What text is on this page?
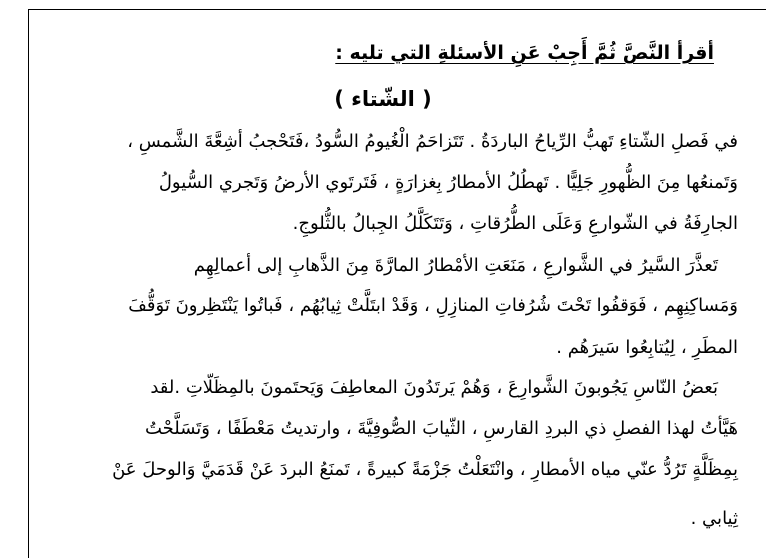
أقرأ النَّصَّ ثُمَّ أَجِبْ عَنِ الأسئلةِ التي تليه :
( الشّتاء )
في فَصلِ الشّتاءِ تَهبُّ الرِّياحُ الباردَةُ . تَتَزاحَمُ الْغُيومُ السُّودُ ،فَتَحْجبُ أشِعَّةَ الشَّمسِ ،
وَتَمنعُها مِنَ الظُّهورِ جَلِيًّا . تَهطُلُ الأمطارُ بِغزارَةٍ ، فَتَرتَوي الأرضُ وَتَجري السُّيولُ
الجارِفَةُ في الشّوارعِ وَعَلَى الطُّرُقاتِ ، وَتَتَكَلَّلُ الجِبالُ بالثُّلوجِ.
تَعذَّرَ السَّيرُ في الشَّوارعِ ، مَنَعَتِ الأمْطارُ المارَّةَ مِنَ الذَّهابِ إلى أعمالِهِم
وَمَساكِنِهِم ، فَوَقفُوا تَحْتَ شُرُفاتِ المنازِلِ ، وَقَدْ ابتَلَّتْ ثِيابُهُم ، فَباتُوا يَنْتَظِرونَ تَوَقُّفَ
المطَرِ ، لِيُتابِعُوا سَيرَهُم .
بَعضُ النّاسِ يَجُوبونَ الشَّوارِعَ ، وَهُمْ يَرتَدُونَ المعاطِفَ وَيَحتَمونَ بالمِظَلّاتِ .لقد
هَيَّأتُ لهذا الفصلِ ذي البردِ القارسِ ، الثّيابَ الصُّوفِيَّةَ ، وارتديتُ مَعْطَفًا ، وَتَسَلَّحْتُ
بِمِظَلَّةٍ تَرُدُّ عنّي مياه الأمطارِ ، وانْتَعَلْتُ جَزْمَةً كبيرةً ، تَمنَعُ البردَ عَنْ قَدَمَيَّ وَالوحلَ عَنْ
ثِيابي .
